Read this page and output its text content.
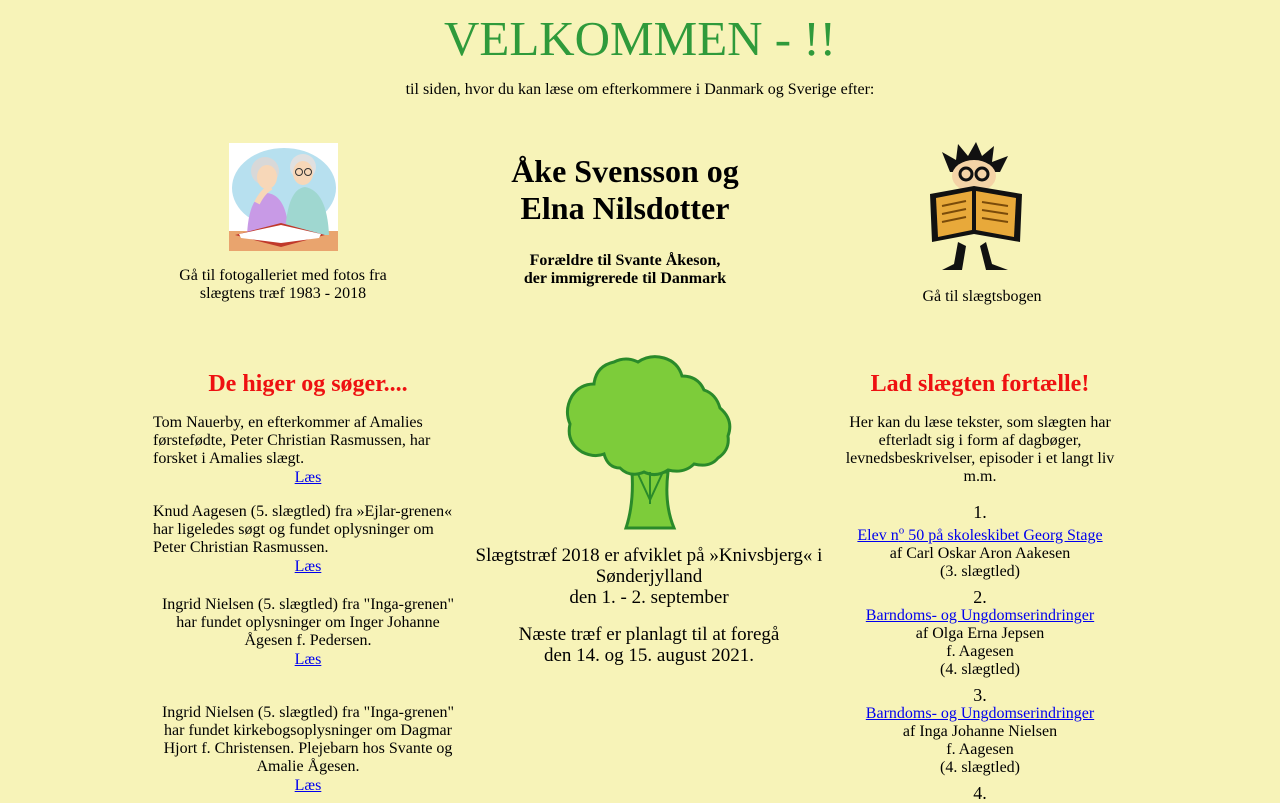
VELKOMMEN - !!
til siden, hvor du kan læse om efterkommere i Danmark og Sverige efter:
Gå til fotogalleriet med fotos fra
slægtens træf 1983 - 2018
Åke Svensson og
Elna Nilsdotter
Forældre til Svante Åkeson,
der immigrerede til Danmark
Gå til slægtsbogen
De higer og søger....
Tom Nauerby, en efterkommer af Amalies
førstefødte, Peter Christian Rasmussen, har
forsket i Amalies slægt.
Læs
Knud Aagesen (5. slægtled) fra »Ejlar-grenen«
har ligeledes søgt og fundet oplysninger om
Peter Christian Rasmussen.
Læs
Ingrid Nielsen (5. slægtled) fra "Inga-grenen"
har fundet oplysninger om Inger Johanne
Ågesen f. Pedersen.
Læs
Ingrid Nielsen (5. slægtled) fra "Inga-grenen"
har fundet kirkebogsoplysninger om Dagmar
Hjort f. Christensen. Plejebarn hos Svante og
Amalie Ågesen.
Læs
Slægtstræf 2018 er afviklet på »Knivsbjerg« i
Sønderjylland
den 1. - 2. september
Næste træf er planlagt til at foregå
den 14. og 15. august 2021.
Lad slægten fortælle!
Her kan du læse tekster, som slægten har
efterladt sig i form af dagbøger,
levnedsbeskrivelser, episoder i et langt liv
m.m.
1.
Elev $n^o$ 50 på skoleskibet Georg Stage
af Carl Oskar Aron Aakesen
(3. slægtled)
2.
Barndoms- og Ungdomserindringer
af Olga Erna Jepsen
f. Aagesen
(4. slægtled)
3.
Barndoms- og Ungdomserindringer
af Inga Johanne Nielsen
f. Aagesen
(4. slægtled)
4.
